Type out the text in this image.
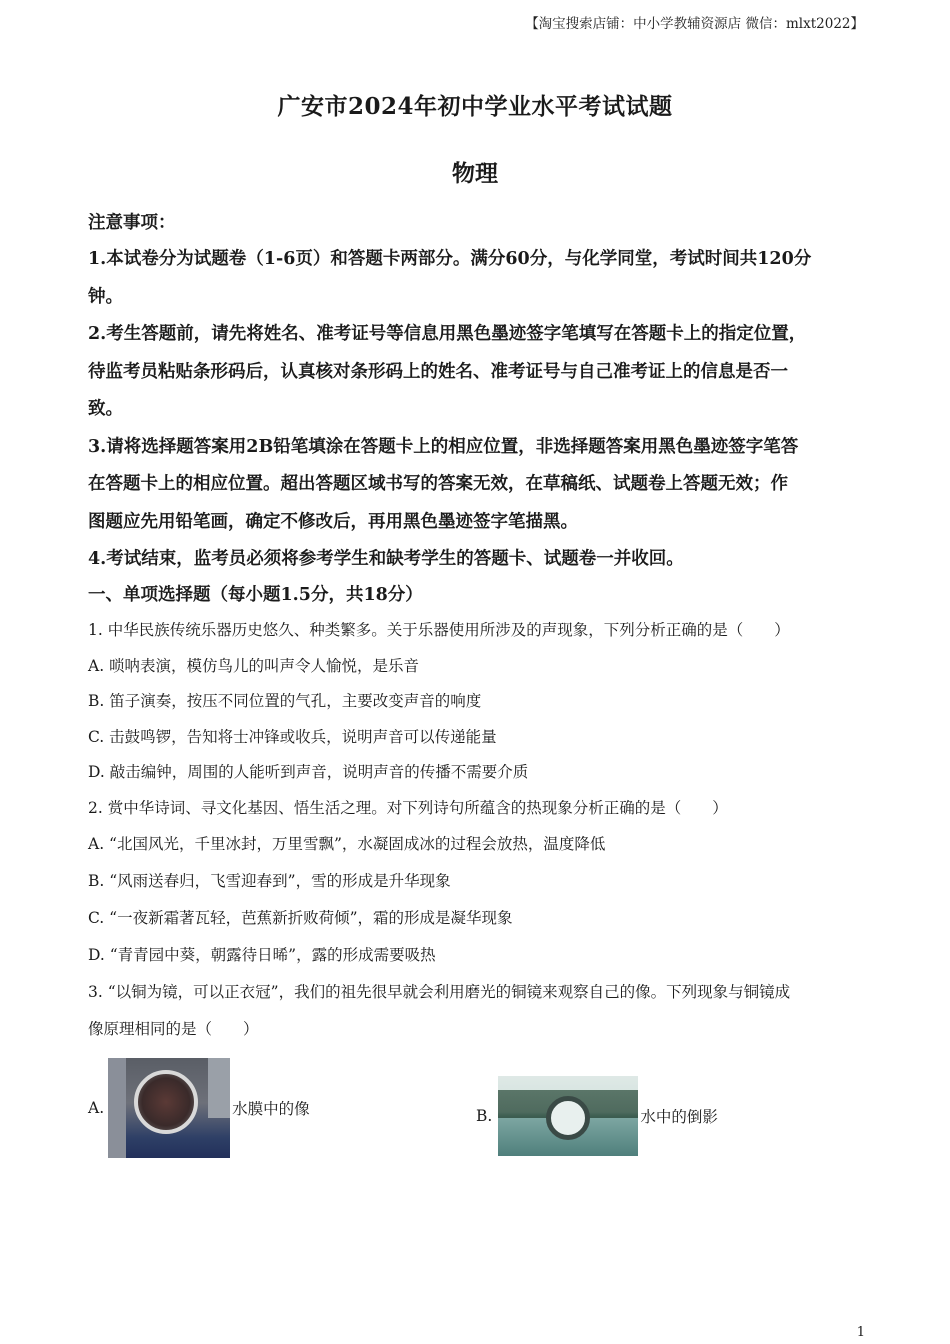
【淘宝搜索店铺：中小学教辅资源店 微信：mlxt2022】
广安市2024年初中学业水平考试试题
物理
注意事项：
1.本试卷分为试题卷（1-6页）和答题卡两部分。满分60分，与化学同堂，考试时间共120分
钟。
2.考生答题前，请先将姓名、准考证号等信息用黑色墨迹签字笔填写在答题卡上的指定位置，
待监考员粘贴条形码后，认真核对条形码上的姓名、准考证号与自己准考证上的信息是否一
致。
3.请将选择题答案用2B铅笔填涂在答题卡上的相应位置，非选择题答案用黑色墨迹签字笔答
在答题卡上的相应位置。超出答题区域书写的答案无效，在草稿纸、试题卷上答题无效；作
图题应先用铅笔画，确定不修改后，再用黑色墨迹签字笔描黑。
4.考试结束，监考员必须将参考学生和缺考学生的答题卡、试题卷一并收回。
一、单项选择题（每小题1.5分，共18分）
1. 中华民族传统乐器历史悠久、种类繁多。关于乐器使用所涉及的声现象，下列分析正确的是（　　）
A. 唢呐表演，模仿鸟儿的叫声令人愉悦，是乐音
B. 笛子演奏，按压不同位置的气孔，主要改变声音的响度
C. 击鼓鸣锣，告知将士冲锋或收兵，说明声音可以传递能量
D. 敲击编钟，周围的人能听到声音，说明声音的传播不需要介质
2. 赏中华诗词、寻文化基因、悟生活之理。对下列诗句所蕴含的热现象分析正确的是（　　）
A. “北国风光，千里冰封，万里雪飘”，水凝固成冰的过程会放热，温度降低
B. “风雨送春归，飞雪迎春到”，雪的形成是升华现象
C. “一夜新霜著瓦轻，芭蕉新折败荷倾”，霜的形成是凝华现象
D. “青青园中葵，朝露待日晞”，露的形成需要吸热
3. “以铜为镜，可以正衣冠”，我们的祖先很早就会利用磨光的铜镜来观察自己的像。下列现象与铜镜成
像原理相同的是（　　）
A.	水膜中的像	B.	水中的倒影
1
